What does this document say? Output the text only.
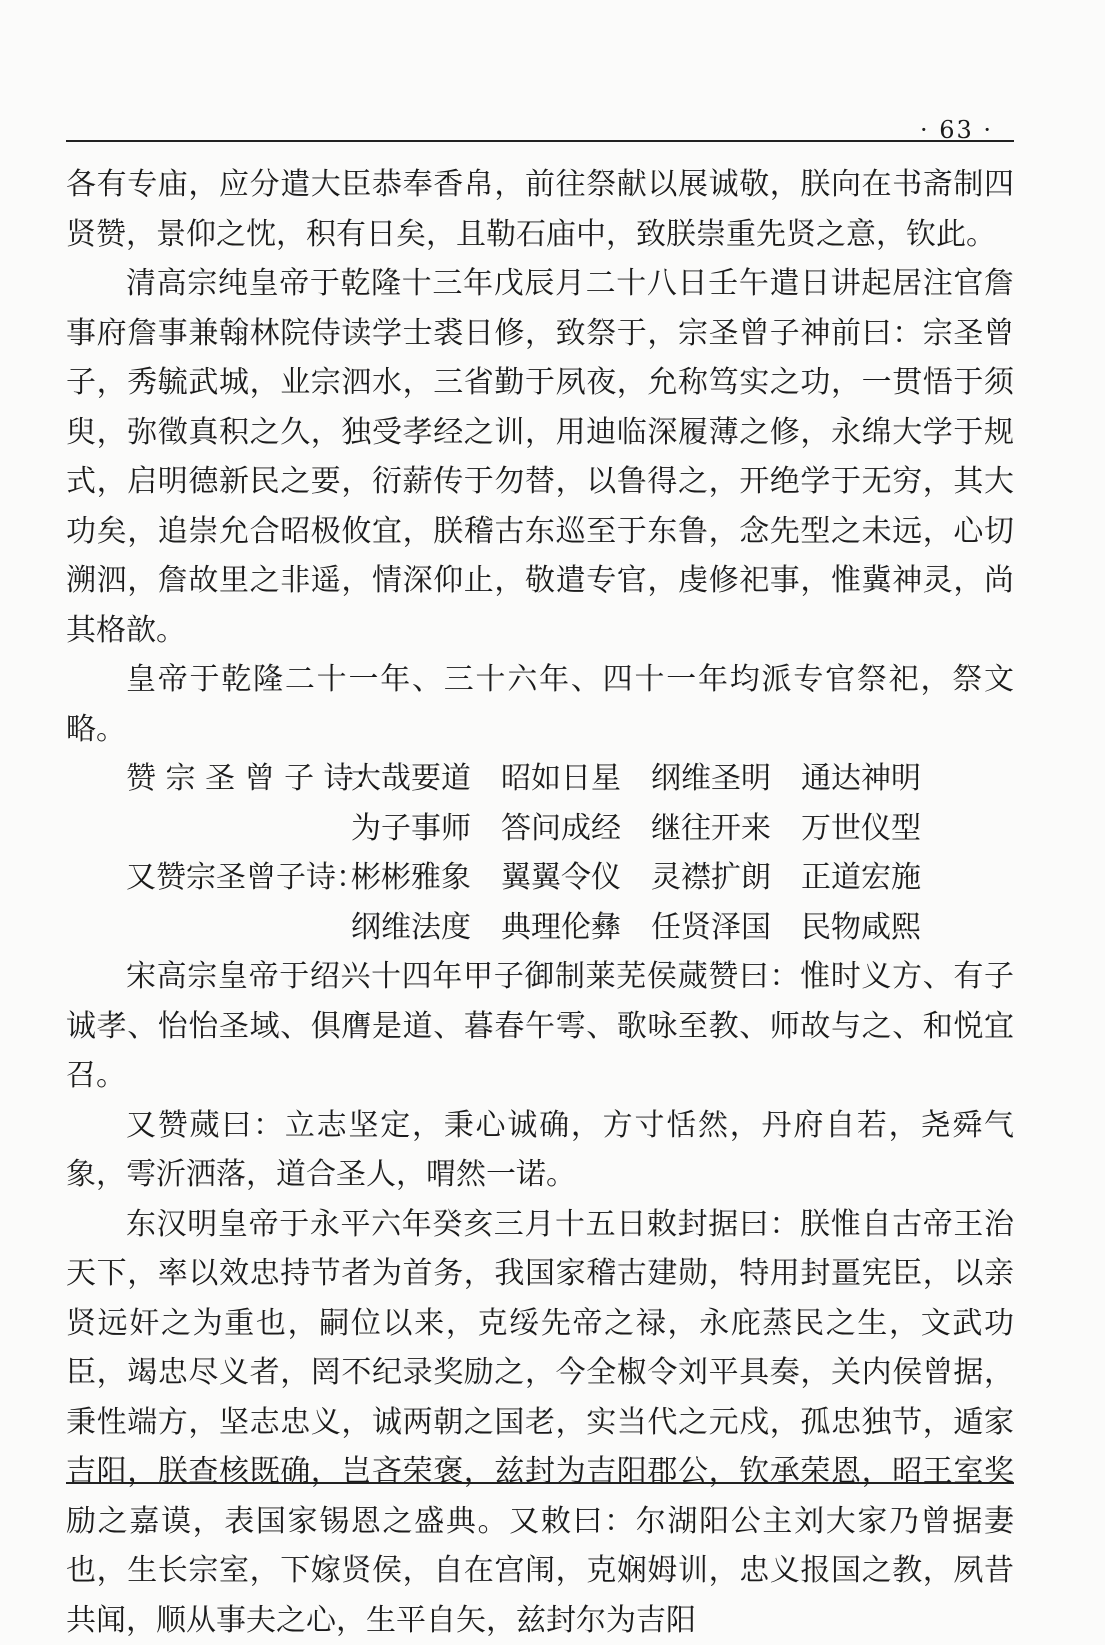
· 63 ·

各有专庙，应分遣大臣恭奉香帛，前往祭献以展诚敬，朕向在书斋制四贤赞，景仰之忱，积有日矣，且勒石庙中，致朕崇重先贤之意，钦此。

清高宗纯皇帝于乾隆十三年戊辰月二十八日壬午遣日讲起居注官詹事府詹事兼翰林院侍读学士裘日修，致祭于，宗圣曾子神前曰：宗圣曾子，秀毓武城，业宗泗水，三省勤于夙夜，允称笃实之功，一贯悟于须臾，弥徵真积之久，独受孝经之训，用迪临深履薄之修，永绵大学于规式，启明德新民之要，衍薪传于勿替，以鲁得之，开绝学于无穷，其大功矣，追崇允合昭极攸宜，朕稽古东巡至于东鲁，念先型之未远，心切溯泗，詹故里之非遥，情深仰止，敬遣专官，虔修祀事，惟冀神灵，尚其格歆。

皇帝于乾隆二十一年、三十六年、四十一年均派专官祭祀，祭文略。

赞 宗 圣 曾 子 诗：
大哉要道 昭如日星 纲维圣明 通达神明
为子事师 答问成经 继往开来 万世仪型
又赞宗圣曾子诗：
彬彬雅象 翼翼令仪 灵襟扩朗 正道宏施
纲维法度 典理伦彝 任贤泽国 民物咸熙

宋高宗皇帝于绍兴十四年甲子御制莱芜侯蒇赞曰：惟时义方、有子诚孝、怡怡圣域、俱膺是道、暮春午雩、歌咏至教、师故与之、和悦宜召。

又赞蒇曰：立志坚定，秉心诚确，方寸恬然，丹府自若，尧舜气象，雩沂洒落，道合圣人，喟然一诺。

东汉明皇帝于永平六年癸亥三月十五日敕封据曰：朕惟自古帝王治天下，率以效忠持节者为首务，我国家稽古建勋，特用封畺宪臣，以亲贤远奸之为重也，嗣位以来，克绥先帝之禄，永庇蒸民之生，文武功臣，竭忠尽义者，罔不纪录奖励之，今全椒令刘平具奏，关内侯曾据，秉性端方，坚志忠义，诚两朝之国老，实当代之元戍，孤忠独节，遁家吉阳，朕查核既确，岂吝荣褒，兹封为吉阳郡公，钦承荣恩，昭王室奖励之嘉谟，表国家锡恩之盛典。又敕曰：尔湖阳公主刘大家乃曾据妻也，生长宗室，下嫁贤侯，自在宫闱，克娴姆训，忠义报国之教，夙昔共闻，顺从事夫之心，生平自矢，兹封尔为吉阳
